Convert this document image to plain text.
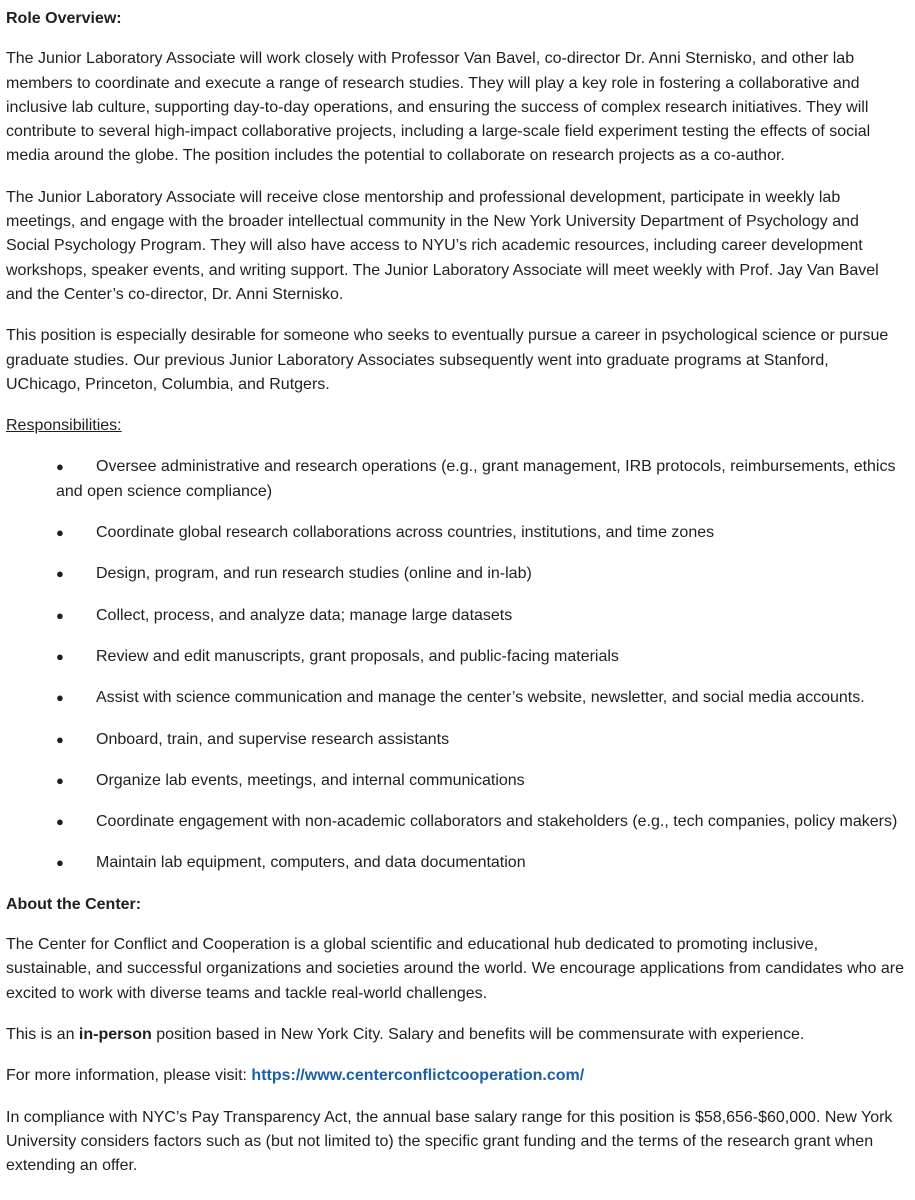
Role Overview:

The Junior Laboratory Associate will work closely with Professor Van Bavel, co-director Dr. Anni Sternisko, and other lab members to coordinate and execute a range of research studies. They will play a key role in fostering a collaborative and inclusive lab culture, supporting day-to-day operations, and ensuring the success of complex research initiatives. They will contribute to several high-impact collaborative projects, including a large-scale field experiment testing the effects of social media around the globe. The position includes the potential to collaborate on research projects as a co-author.

The Junior Laboratory Associate will receive close mentorship and professional development, participate in weekly lab meetings, and engage with the broader intellectual community in the New York University Department of Psychology and Social Psychology Program. They will also have access to NYU’s rich academic resources, including career development workshops, speaker events, and writing support. The Junior Laboratory Associate will meet weekly with Prof. Jay Van Bavel and the Center’s co-director, Dr. Anni Sternisko.

This position is especially desirable for someone who seeks to eventually pursue a career in psychological science or pursue graduate studies. Our previous Junior Laboratory Associates subsequently went into graduate programs at Stanford, UChicago, Princeton, Columbia, and Rutgers.

Responsibilities:
●	Oversee administrative and research operations (e.g., grant management, IRB protocols, reimbursements, ethics and open science compliance)
●	Coordinate global research collaborations across countries, institutions, and time zones
●	Design, program, and run research studies (online and in-lab)
●	Collect, process, and analyze data; manage large datasets
●	Review and edit manuscripts, grant proposals, and public-facing materials
●	Assist with science communication and manage the center’s website, newsletter, and social media accounts.
●	Onboard, train, and supervise research assistants
●	Organize lab events, meetings, and internal communications
●	Coordinate engagement with non-academic collaborators and stakeholders (e.g., tech companies, policy makers)
●	Maintain lab equipment, computers, and data documentation
About the Center:

The Center for Conflict and Cooperation is a global scientific and educational hub dedicated to promoting inclusive, sustainable, and successful organizations and societies around the world. We encourage applications from candidates who are excited to work with diverse teams and tackle real-world challenges.

This is an in-person position based in New York City. Salary and benefits will be commensurate with experience.

For more information, please visit: https://www.centerconflictcooperation.com/

In compliance with NYC’s Pay Transparency Act, the annual base salary range for this position is $58,656-$60,000. New York University considers factors such as (but not limited to) the specific grant funding and the terms of the research grant when extending an offer.
